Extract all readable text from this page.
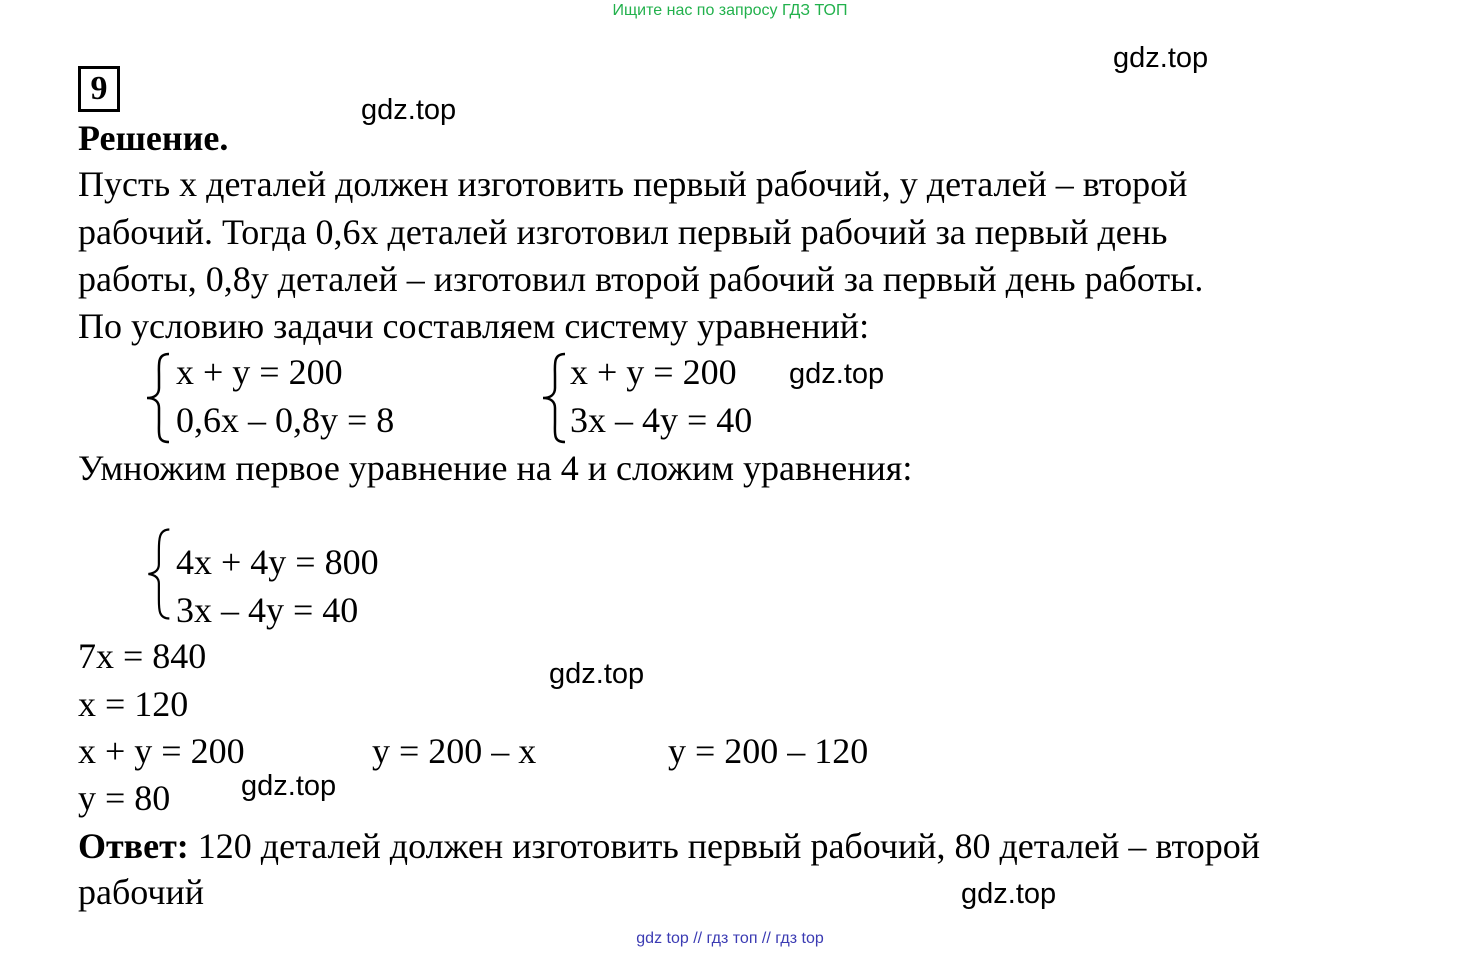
Ищите нас по запросу ГДЗ ТОП
gdz.top
gdz.top
gdz.top
gdz.top
gdz.top
gdz.top
9
Решение.
Пусть x деталей должен изготовить первый рабочий, y деталей – второй
рабочий. Тогда 0,6x деталей изготовил первый рабочий за первый день
работы, 0,8y деталей – изготовил второй рабочий за первый день работы.
По условию задачи составляем систему уравнений:
x + y = 200
0,6x – 0,8y = 8
x + y = 200
3x – 4y = 40
Умножим первое уравнение на 4 и сложим уравнения:
4x + 4y = 800
3x – 4y = 40
7x = 840
x = 120
x + y = 200	y = 200 – x	y = 200 – 120
y = 80
Ответ: 120 деталей должен изготовить первый рабочий, 80 деталей – второй
рабочий
gdz top // гдз топ // гдз top
